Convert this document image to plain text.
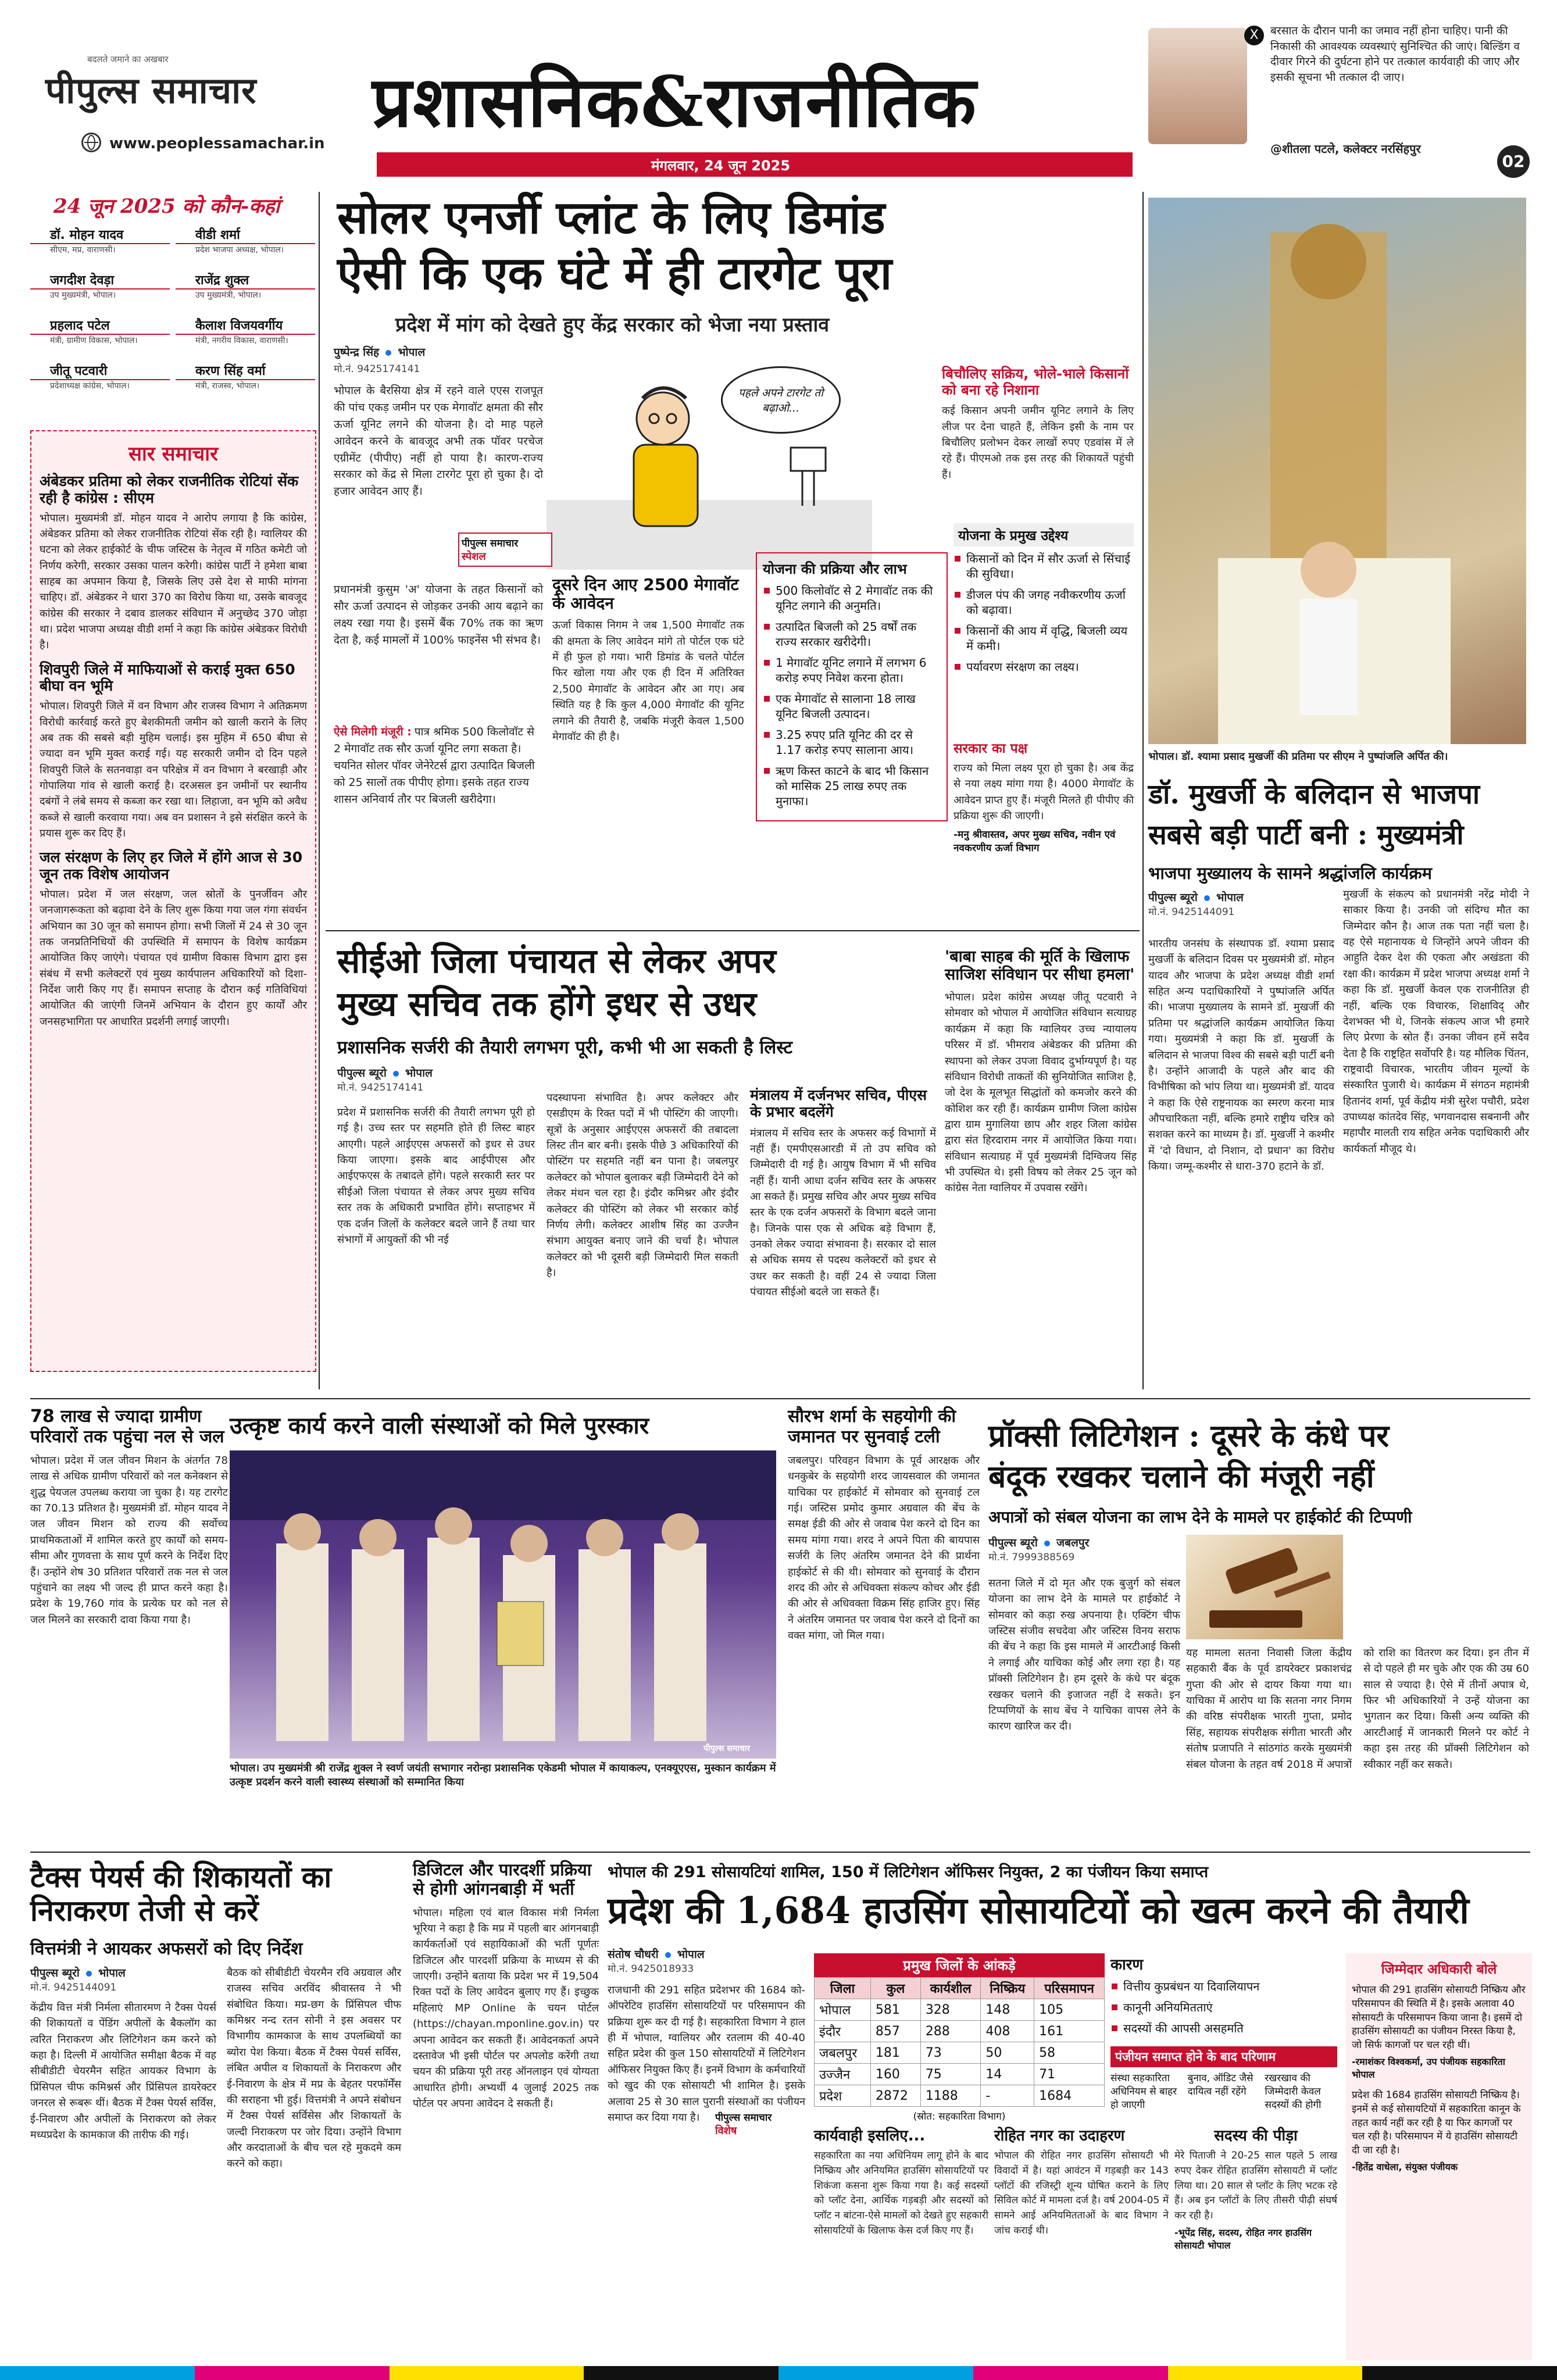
बदलते जमाने का अखबार
पीपुल्स समाचार
www.peoplessamachar.in
प्रशासनिक&राजनीतिक
मंगलवार, 24 जून 2025
X	बरसात के दौरान पानी का जमाव नहीं होना चाहिए। पानी की निकासी की आवश्यक व्यवस्थाएं सुनिश्चित की जाएं। बिल्डिंग व दीवार गिरने की दुर्घटना होने पर तत्काल कार्यवाही की जाए और इसकी सूचना भी तत्काल दी जाए।
@शीतला पटले, कलेक्टर नरसिंहपुर
02
24 जून 2025 को कौन-कहां
डॉ. मोहन यादव
सीएम, मप्र, वाराणसी।
वीडी शर्मा
प्रदेश भाजपा अध्यक्ष, भोपाल।
जगदीश देवड़ा
उप मुख्यमंत्री, भोपाल।
राजेंद्र शुक्ल
उप मुख्यमंत्री, भोपाल।
प्रहलाद पटेल
मंत्री, ग्रामीण विकास, भोपाल।
कैलाश विजयवर्गीय
मंत्री, नगरीय विकास, वाराणसी।
जीतू पटवारी
प्रदेशाध्यक्ष कांग्रेस, भोपाल।
करण सिंह वर्मा
मंत्री, राजस्व, भोपाल।
सार समाचार
अंबेडकर प्रतिमा को लेकर राजनीतिक रोटियां सेंक रही है कांग्रेस : सीएम
भोपाल। मुख्यमंत्री डॉ. मोहन यादव ने आरोप लगाया है कि कांग्रेस, अंबेडकर प्रतिमा को लेकर राजनीतिक रोटियां सेंक रही है। ग्वालियर की घटना को लेकर हाईकोर्ट के चीफ जस्टिस के नेतृत्व में गठित कमेटी जो निर्णय करेगी, सरकार उसका पालन करेगी। कांग्रेस पार्टी ने हमेशा बाबा साहब का अपमान किया है, जिसके लिए उसे देश से माफी मांगना चाहिए। डॉ. अंबेडकर ने धारा 370 का विरोध किया था, उसके बावजूद कांग्रेस की सरकार ने दबाव डालकर संविधान में अनुच्छेद 370 जोड़ा था। प्रदेश भाजपा अध्यक्ष वीडी शर्मा ने कहा कि कांग्रेस अंबेडकर विरोधी है।
शिवपुरी जिले में माफियाओं से कराई मुक्त 650 बीघा वन भूमि
भोपाल। शिवपुरी जिले में वन विभाग और राजस्व विभाग ने अतिक्रमण विरोधी कार्रवाई करते हुए बेशकीमती जमीन को खाली कराने के लिए अब तक की सबसे बड़ी मुहिम चलाई। इस मुहिम में 650 बीघा से ज्यादा वन भूमि मुक्त कराई गई। यह सरकारी जमीन दो दिन पहले शिवपुरी जिले के सतनवाड़ा वन परिक्षेत्र में वन विभाग ने बरखाड़ी और गोपालिया गांव से खाली कराई है। दरअसल इन जमीनों पर स्थानीय दबंगों ने लंबे समय से कब्जा कर रखा था। लिहाजा, वन भूमि को अवैध कब्जे से खाली करवाया गया। अब वन प्रशासन ने इसे संरक्षित करने के प्रयास शुरू कर दिए हैं।
जल संरक्षण के लिए हर जिले में होंगे आज से 30 जून तक विशेष आयोजन
भोपाल। प्रदेश में जल संरक्षण, जल स्रोतों के पुनर्जीवन और जनजागरूकता को बढ़ावा देने के लिए शुरू किया गया जल गंगा संवर्धन अभियान का 30 जून को समापन होगा। सभी जिलों में 24 से 30 जून तक जनप्रतिनिधियों की उपस्थिति में समापन के विशेष कार्यक्रम आयोजित किए जाएंगे। पंचायत एवं ग्रामीण विकास विभाग द्वारा इस संबंध में सभी कलेक्टरों एवं मुख्य कार्यपालन अधिकारियों को दिशा-निर्देश जारी किए गए हैं। समापन सप्ताह के दौरान कई गतिविधियां आयोजित की जाएंगी जिनमें अभियान के दौरान हुए कार्यों और जनसहभागिता पर आधारित प्रदर्शनी लगाई जाएगी।
78 लाख से ज्यादा ग्रामीण परिवारों तक पहुंचा नल से जल
भोपाल। प्रदेश में जल जीवन मिशन के अंतर्गत 78 लाख से अधिक ग्रामीण परिवारों को नल कनेक्शन से शुद्ध पेयजल उपलब्ध कराया जा चुका है। यह टारगेट का 70.13 प्रतिशत है। मुख्यमंत्री डॉ. मोहन यादव ने जल जीवन मिशन को राज्य की सर्वोच्च प्राथमिकताओं में शामिल करते हुए कार्यों को समय-सीमा और गुणवत्ता के साथ पूर्ण करने के निर्देश दिए हैं। उन्होंने शेष 30 प्रतिशत परिवारों तक नल से जल पहुंचाने का लक्ष्य भी जल्द ही प्राप्त करने कहा है। प्रदेश के 19,760 गांव के प्रत्येक घर को नल से जल मिलने का सरकारी दावा किया गया है।
सोलर एनर्जी प्लांट के लिए डिमांड
ऐसी कि एक घंटे में ही टारगेट पूरा
प्रदेश में मांग को देखते हुए केंद्र सरकार को भेजा नया प्रस्ताव
पुष्पेन्द्र सिंह भोपाल
मो.नं. 9425174141
पहले अपने टारगेट तो बढ़ाओ...
भोपाल के बैरसिया क्षेत्र में रहने वाले एएस राजपूत की पांच एकड़ जमीन पर एक मेगावॉट क्षमता की सौर ऊर्जा यूनिट लगने की योजना है। दो माह पहले आवेदन करने के बावजूद अभी तक पॉवर परचेज एग्रीमेंट (पीपीए) नहीं हो पाया है। कारण-राज्य सरकार को केंद्र से मिला टारगेट पूरा हो चुका है। दो हजार आवेदन आए हैं।
पीपुल्स समाचार
स्पेशल
प्रधानमंत्री कुसुम 'अ' योजना के तहत किसानों को सौर ऊर्जा उत्पादन से जोड़कर उनकी आय बढ़ाने का लक्ष्य रखा गया है। इसमें बैंक 70% तक का ऋण देता है, कई मामलों में 100% फाइनेंस भी संभव है।
ऐसे मिलेगी मंजूरी : पात्र श्रमिक 500 किलोवॉट से 2 मेगावॉट तक सौर ऊर्जा यूनिट लगा सकता है। चयनित सोलर पॉवर जेनेरेटर्स द्वारा उत्पादित बिजली को 25 सालों तक पीपीए होगा। इसके तहत राज्य शासन अनिवार्य तौर पर बिजली खरीदेगा।
दूसरे दिन आए 2500 मेगावॉट के आवेदन
ऊर्जा विकास निगम ने जब 1,500 मेगावॉट तक की क्षमता के लिए आवेदन मांगे तो पोर्टल एक घंटे में ही फुल हो गया। भारी डिमांड के चलते पोर्टल फिर खोला गया और एक ही दिन में अतिरिक्त 2,500 मेगावॉट के आवेदन और आ गए। अब स्थिति यह है कि कुल 4,000 मेगावॉट की यूनिट लगाने की तैयारी है, जबकि मंजूरी केवल 1,500 मेगावॉट की ही है।
योजना की प्रक्रिया और लाभ
500 किलोवॉट से 2 मेगावॉट तक की यूनिट लगाने की अनुमति।
उत्पादित बिजली को 25 वर्षों तक राज्य सरकार खरीदेगी।
1 मेगावॉट यूनिट लगाने में लगभग 6 करोड़ रुपए निवेश करना होता।
एक मेगावॉट से सालाना 18 लाख यूनिट बिजली उत्पादन।
3.25 रुपए प्रति यूनिट की दर से 1.17 करोड़ रुपए सालाना आय।
ऋण किस्त काटने के बाद भी किसान को मासिक 25 लाख रुपए तक मुनाफा।
बिचौलिए सक्रिय, भोले-भाले किसानों को बना रहे निशाना
कई किसान अपनी जमीन यूनिट लगाने के लिए लीज पर देना चाहते हैं, लेकिन इसी के नाम पर बिचौलिए प्रलोभन देकर लाखों रुपए एडवांस में ले रहे हैं। पीएमओ तक इस तरह की शिकायतें पहुंची हैं।
योजना के प्रमुख उद्देश्य
किसानों को दिन में सौर ऊर्जा से सिंचाई की सुविधा।
डीजल पंप की जगह नवीकरणीय ऊर्जा को बढ़ावा।
किसानों की आय में वृद्धि, बिजली व्यय में कमी।
पर्यावरण संरक्षण का लक्ष्य।
सरकार का पक्ष
राज्य को मिला लक्ष्य पूरा हो चुका है। अब केंद्र से नया लक्ष्य मांगा गया है। 4000 मेगावॉट के आवेदन प्राप्त हुए हैं। मंजूरी मिलते ही पीपीए की प्रक्रिया शुरू की जाएगी।
-मनु श्रीवास्तव, अपर मुख्य सचिव, नवीन एवं नवकरणीय ऊर्जा विभाग
भोपाल। डॉ. श्यामा प्रसाद मुखर्जी की प्रतिमा पर सीएम ने पुष्पांजलि अर्पित की।
डॉ. मुखर्जी के बलिदान से भाजपा
सबसे बड़ी पार्टी बनी : मुख्यमंत्री
भाजपा मुख्यालय के सामने श्रद्धांजलि कार्यक्रम
पीपुल्स ब्यूरो भोपाल
मो.नं. 9425144091
भारतीय जनसंघ के संस्थापक डॉ. श्यामा प्रसाद मुखर्जी के बलिदान दिवस पर मुख्यमंत्री डॉ. मोहन यादव और भाजपा के प्रदेश अध्यक्ष वीडी शर्मा सहित अन्य पदाधिकारियों ने पुष्पांजलि अर्पित की। भाजपा मुख्यालय के सामने डॉ. मुखर्जी की प्रतिमा पर श्रद्धांजलि कार्यक्रम आयोजित किया गया। मुख्यमंत्री ने कहा कि डॉ. मुखर्जी के बलिदान से भाजपा विश्व की सबसे बड़ी पार्टी बनी है। उन्होंने आजादी के पहले और बाद की विभीषिका को भांप लिया था। मुख्यमंत्री डॉ. यादव ने कहा कि ऐसे राष्ट्रनायक का स्मरण करना मात्र औपचारिकता नहीं, बल्कि हमारे राष्ट्रीय चरित्र को सशक्त करने का माध्यम है। डॉ. मुखर्जी ने कश्मीर में 'दो विधान, दो निशान, दो प्रधान' का विरोध किया। जम्मू-कश्मीर से धारा-370 हटाने के डॉ.
मुखर्जी के संकल्प को प्रधानमंत्री नरेंद्र मोदी ने साकार किया है। उनकी जो संदिग्ध मौत का जिम्मेदार कौन है। आज तक पता नहीं चला है। वह ऐसे महानायक थे जिन्होंने अपने जीवन की आहुति देकर देश की एकता और अखंडता की रक्षा की। कार्यक्रम में प्रदेश भाजपा अध्यक्ष शर्मा ने कहा कि डॉ. मुखर्जी केवल एक राजनीतिज्ञ ही नहीं, बल्कि एक विचारक, शिक्षाविद् और देशभक्त भी थे, जिनके संकल्प आज भी हमारे लिए प्रेरणा के स्रोत हैं। उनका जीवन हमें सदैव देता है कि राष्ट्रहित सर्वोपरि है। यह मौलिक चिंतन, राष्ट्रवादी विचारक, भारतीय जीवन मूल्यों के संस्कारित पुजारी थे। कार्यक्रम में संगठन महामंत्री हितानंद शर्मा, पूर्व केंद्रीय मंत्री सुरेश पचौरी, प्रदेश उपाध्यक्ष कांतदेव सिंह, भगवानदास सबनानी और महापौर मालती राय सहित अनेक पदाधिकारी और कार्यकर्ता मौजूद थे।
सीईओ जिला पंचायत से लेकर अपर
मुख्य सचिव तक होंगे इधर से उधर
प्रशासनिक सर्जरी की तैयारी लगभग पूरी, कभी भी आ सकती है लिस्ट
पीपुल्स ब्यूरो भोपाल
मो.नं. 9425174141
प्रदेश में प्रशासनिक सर्जरी की तैयारी लगभग पूरी हो गई है। उच्च स्तर पर सहमति होते ही लिस्ट बाहर आएगी। पहले आईएएस अफसरों को इधर से उधर किया जाएगा। इसके बाद आईपीएस और आईएफएस के तबादले होंगे। पहले सरकारी स्तर पर सीईओ जिला पंचायत से लेकर अपर मुख्य सचिव स्तर तक के अधिकारी प्रभावित होंगे। सप्ताहभर में एक दर्जन जिलों के कलेक्टर बदले जाने हैं तथा चार संभागों में आयुक्तों की भी नई
पदस्थापना संभावित है। अपर कलेक्टर और एसडीएम के रिक्त पदों में भी पोस्टिंग की जाएगी। सूत्रों के अनुसार आईएएस अफसरों की तबादला लिस्ट तीन बार बनी। इसके पीछे 3 अधिकारियों की पोस्टिंग पर सहमति नहीं बन पाना है। जबलपुर कलेक्टर को भोपाल बुलाकर बड़ी जिम्मेदारी देने को लेकर मंथन चल रहा है। इंदौर कमिश्नर और इंदौर कलेक्टर की पोस्टिंग को लेकर भी सरकार कोई निर्णय लेगी। कलेक्टर आशीष सिंह का उज्जैन संभाग आयुक्त बनाए जाने की चर्चा है। भोपाल कलेक्टर को भी दूसरी बड़ी जिम्मेदारी मिल सकती है।
मंत्रालय में दर्जनभर सचिव, पीएस के प्रभार बदलेंगे
मंत्रालय में सचिव स्तर के अफसर कई विभागों में नहीं हैं। एमपीएसआरडी में तो उप सचिव को जिम्मेदारी दी गई है। आयुष विभाग में भी सचिव नहीं हैं। यानी आधा दर्जन सचिव स्तर के अफसर आ सकते हैं। प्रमुख सचिव और अपर मुख्य सचिव स्तर के एक दर्जन अफसरों के विभाग बदले जाना है। जिनके पास एक से अधिक बड़े विभाग हैं, उनको लेकर ज्यादा संभावना है। सरकार दो साल से अधिक समय से पदस्थ कलेक्टरों को इधर से उधर कर सकती है। वहीं 24 से ज्यादा जिला पंचायत सीईओ बदले जा सकते हैं।
'बाबा साहब की मूर्ति के खिलाफ साजिश संविधान पर सीधा हमला'
भोपाल। प्रदेश कांग्रेस अध्यक्ष जीतू पटवारी ने सोमवार को भोपाल में आयोजित संविधान सत्याग्रह कार्यक्रम में कहा कि ग्वालियर उच्च न्यायालय परिसर में डॉ. भीमराव अंबेडकर की प्रतिमा की स्थापना को लेकर उपजा विवाद दुर्भाग्यपूर्ण है। यह संविधान विरोधी ताकतों की सुनियोजित साजिश है, जो देश के मूलभूत सिद्धांतों को कमजोर करने की कोशिश कर रही हैं। कार्यक्रम ग्रामीण जिला कांग्रेस द्वारा ग्राम मुगालिया छाप और शहर जिला कांग्रेस द्वारा संत हिरदाराम नगर में आयोजित किया गया। संविधान सत्याग्रह में पूर्व मुख्यमंत्री दिग्विजय सिंह भी उपस्थित थे। इसी विषय को लेकर 25 जून को कांग्रेस नेता ग्वालियर में उपवास रखेंगे।
उत्कृष्ट कार्य करने वाली संस्थाओं को मिले पुरस्कार
भोपाल। उप मुख्यमंत्री श्री राजेंद्र शुक्ल ने स्वर्ण जयंती सभागार नरोन्हा प्रशासनिक एकेडमी भोपाल में कायाकल्प, एनक्यूएएस, मुस्कान कार्यक्रम में उत्कृष्ट प्रदर्शन करने वाली स्वास्थ्य संस्थाओं को सम्मानित किया
पीपुल्स समाचार
सौरभ शर्मा के सहयोगी की जमानत पर सुनवाई टली
जबलपुर। परिवहन विभाग के पूर्व आरक्षक और धनकुबेर के सहयोगी शरद जायसवाल की जमानत याचिका पर हाईकोर्ट में सोमवार को सुनवाई टल गई। जस्टिस प्रमोद कुमार अग्रवाल की बेंच के समक्ष ईडी की ओर से जवाब पेश करने दो दिन का समय मांगा गया। शरद ने अपने पिता की बायपास सर्जरी के लिए अंतरिम जमानत देने की प्रार्थना हाईकोर्ट से की थी। सोमवार को सुनवाई के दौरान शरद की ओर से अधिवक्ता संकल्प कोचर और ईडी की ओर से अधिवक्ता विक्रम सिंह हाजिर हुए। सिंह ने अंतरिम जमानत पर जवाब पेश करने दो दिनों का वक्त मांगा, जो मिल गया।
प्रॉक्सी लिटिगेशन : दूसरे के कंधे पर
बंदूक रखकर चलाने की मंजूरी नहीं
अपात्रों को संबल योजना का लाभ देने के मामले पर हाईकोर्ट की टिप्पणी
पीपुल्स ब्यूरो जबलपुर
मो.नं. 7999388569
सतना जिले में दो मृत और एक बुजुर्ग को संबल योजना का लाभ देने के मामले पर हाईकोर्ट ने सोमवार को कड़ा रुख अपनाया है। एक्टिंग चीफ जस्टिस संजीव सचदेवा और जस्टिस विनय सराफ की बेंच ने कहा कि इस मामले में आरटीआई किसी ने लगाई और याचिका कोई और लगा रहा है। यह प्रॉक्सी लिटिगेशन है। हम दूसरे के कंधे पर बंदूक रखकर चलाने की इजाजत नहीं दे सकते। इन टिप्पणियों के साथ बेंच ने याचिका वापस लेने के कारण खारिज कर दी।
यह मामला सतना निवासी जिला केंद्रीय सहकारी बैंक के पूर्व डायरेक्टर प्रकाशचंद्र गुप्ता की ओर से दायर किया गया था। याचिका में आरोप था कि सतना नगर निगम की वरिष्ठ संपरीक्षक भारती गुप्ता, प्रमोद सिंह, सहायक संपरीक्षक संगीता भारती और संतोष प्रजापति ने सांठगांठ करके मुख्यमंत्री संबल योजना के तहत वर्ष 2018 में अपात्रों को राशि का वितरण कर दिया। इन तीन में से दो पहले ही मर चुके और एक की उम्र 60 साल से ज्यादा है। ऐसे में तीनों अपात्र थे, फिर भी अधिकारियों ने उन्हें योजना का भुगतान कर दिया। किसी अन्य व्यक्ति की आरटीआई में जानकारी मिलने पर कोर्ट ने कहा इस तरह की प्रॉक्सी लिटिगेशन को स्वीकार नहीं कर सकते।
टैक्स पेयर्स की शिकायतों का निराकरण तेजी से करें
वित्तमंत्री ने आयकर अफसरों को दिए निर्देश
पीपुल्स ब्यूरो भोपाल
मो.नं. 9425144091
केंद्रीय वित्त मंत्री निर्मला सीतारमण ने टैक्स पेयर्स की शिकायतों व पेंडिंग अपीलों के बैकलॉग का त्वरित निराकरण और लिटिगेशन कम करने को कहा है। दिल्ली में आयोजित समीक्षा बैठक में वह सीबीडीटी चेयरमैन सहित आयकर विभाग के प्रिंसिपल चीफ कमिश्नर्स और प्रिंसिपल डायरेक्टर जनरल से रूबरू थीं। बैठक में टैक्स पेयर्स सर्विस, ई-निवारण और अपीलों के निराकरण को लेकर मध्यप्रदेश के कामकाज की तारीफ की गई।
बैठक को सीबीडीटी चेयरमैन रवि अग्रवाल और राजस्व सचिव अरविंद श्रीवास्तव ने भी संबोधित किया। मप्र-छग के प्रिंसिपल चीफ कमिश्नर नन्द रतन सोनी ने इस अवसर पर विभागीय कामकाज के साथ उपलब्धियों का ब्योरा पेश किया। बैठक में टैक्स पेयर्स सर्विस, लंबित अपील व शिकायतों के निराकरण और ई-निवारण के क्षेत्र में मप्र के बेहतर परफॉर्मेंस की सराहना भी हुई। वित्तमंत्री ने अपने संबोधन में टैक्स पेयर्स सर्विसेस और शिकायतों के जल्दी निराकरण पर जोर दिया। उन्होंने विभाग और करदाताओं के बीच चल रहे मुकदमे कम करने को कहा।
डिजिटल और पारदर्शी प्रक्रिया से होगी आंगनबाड़ी में भर्ती
भोपाल। महिला एवं बाल विकास मंत्री निर्मला भूरिया ने कहा है कि मप्र में पहली बार आंगनबाड़ी कार्यकर्ताओं एवं सहायिकाओं की भर्ती पूर्णतः डिजिटल और पारदर्शी प्रक्रिया के माध्यम से की जाएगी। उन्होंने बताया कि प्रदेश भर में 19,504 रिक्त पदों के लिए आवेदन बुलाए गए हैं। इच्छुक महिलाएं MP Online के चयन पोर्टल (https://chayan.mponline.gov.in) पर अपना आवेदन कर सकती हैं। आवेदनकर्ता अपने दस्तावेज भी इसी पोर्टल पर अपलोड करेंगी तथा चयन की प्रक्रिया पूरी तरह ऑनलाइन एवं योग्यता आधारित होगी। अभ्यर्थी 4 जुलाई 2025 तक पोर्टल पर अपना आवेदन दे सकती हैं।
भोपाल की 291 सोसायटियां शामिल, 150 में लिटिगेशन ऑफिसर नियुक्त, 2 का पंजीयन किया समाप्त
प्रदेश की 1,684 हाउसिंग सोसायटियों को खत्म करने की तैयारी
संतोष चौधरी भोपाल
मो.नं. 9425018933
राजधानी की 291 सहित प्रदेशभर की 1684 को-ऑपरेटिव हाउसिंग सोसायटियों पर परिसमापन की प्रक्रिया शुरू कर दी गई है। सहकारिता विभाग ने हाल ही में भोपाल, ग्वालियर और रतलाम की 40-40 सहित प्रदेश की कुल 150 सोसायटियों में लिटिगेशन ऑफिसर नियुक्त किए हैं। इनमें विभाग के कर्मचारियों को खुद की एक सोसायटी भी शामिल है। इसके अलावा 25 से 30 साल पुरानी संस्थाओं का पंजीयन समाप्त कर दिया गया है।	पीपुल्स समाचार
विशेष
प्रमुख जिलों के आंकड़े
जिला	कुल	कार्यशील	निष्क्रिय	परिसमापन
भोपाल	581	328	148	105
इंदौर	857	288	408	161
जबलपुर	181	73	50	58
उज्जैन	160	75	14	71
प्रदेश	2872	1188	-	1684
(स्रोत: सहकारिता विभाग)
कारण
वित्तीय कुप्रबंधन या दिवालियापन
कानूनी अनियमितताएं
सदस्यों की आपसी असहमति
पंजीयन समाप्त होने के बाद परिणाम
संस्था सहकारिता अधिनियम से बाहर हो जाएगी
बुनाव, ऑडिट जैसे दायित्व नहीं रहेंगे
रखरखाव की जिम्मेदारी केवल सदस्यों की होगी
कार्यवाही इसलिए...
सहकारिता का नया अधिनियम लागू होने के बाद निष्क्रिय और अनियमित हाउसिंग सोसायटियों पर शिकंजा कसना शुरू किया गया है। कई सदस्यों को प्लॉट देना, आर्थिक गड़बड़ी और सदस्यों को प्लॉट न बांटना-ऐसे मामलों को देखते हुए सहकारी सोसायटियों के खिलाफ केस दर्ज किए गए हैं।
रोहित नगर का उदाहरण
भोपाल की रोहित नगर हाउसिंग सोसायटी भी विवादों में है। यहां आवंटन में गड़बड़ी कर 143 प्लॉटों की रजिस्ट्री शून्य घोषित कराने के लिए सिविल कोर्ट में मामला दर्ज है। वर्ष 2004-05 में सामने आई अनियमितताओं के बाद विभाग ने जांच कराई थी।
सदस्य की पीड़ा
मेरे पिताजी ने 20-25 साल पहले 5 लाख रुपए देकर रोहित हाउसिंग सोसायटी में प्लॉट लिया था। 20 साल से प्लॉट के लिए भटक रहे हैं। अब इन प्लॉटों के लिए तीसरी पीढ़ी संघर्ष कर रही है।
-भूपेंद्र सिंह, सदस्य, रोहित नगर हाउसिंग सोसायटी भोपाल
जिम्मेदार अधिकारी बोले
भोपाल की 291 हाउसिंग सोसायटी निष्क्रिय और परिसमापन की स्थिति में है। इसके अलावा 40 सोसायटी के परिसमापन किया जाना है। इसमें दो हाउसिंग सोसायटी का पंजीयन निरस्त किया है, जो सिर्फ कागजों पर चल रही थीं।
-रमाशंकर विश्वकर्मा, उप पंजीयक सहकारिता भोपाल
प्रदेश की 1684 हाउसिंग सोसायटी निष्क्रिय है। इनमें से कई सोसायटियों में सहकारिता कानून के तहत कार्य नहीं कर रही है या फिर कागजों पर चल रही है। परिसमापन में ये हाउसिंग सोसायटी दी जा रही है।
-हितेंद्र वाधेला, संयुक्त पंजीयक
